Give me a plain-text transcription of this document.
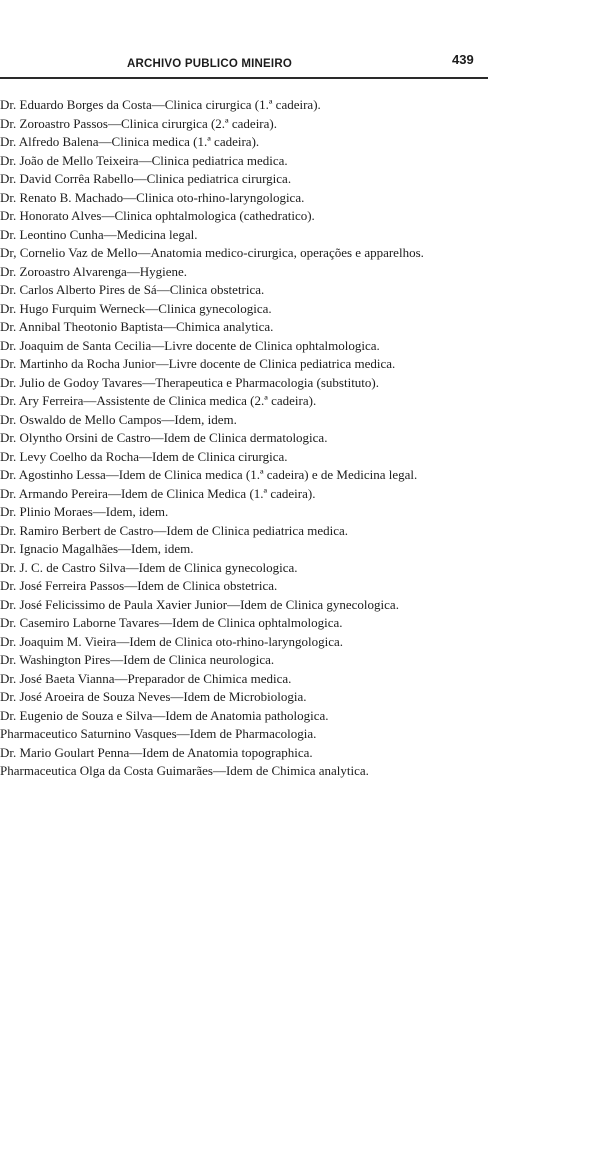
ARCHIVO PUBLICO MINEIRO	439
Dr. Eduardo Borges da Costa—Clinica cirurgica (1.ª cadeira).
Dr. Zoroastro Passos—Clinica cirurgica (2.ª cadeira).
Dr. Alfredo Balena—Clinica medica (1.ª cadeira).
Dr. João de Mello Teixeira—Clinica pediatrica medica.
Dr. David Corrêa Rabello—Clinica pediatrica cirurgica.
Dr. Renato B. Machado—Clinica oto-rhino-laryngologica.
Dr. Honorato Alves—Clinica ophtalmologica (cathedratico).
Dr. Leontino Cunha—Medicina legal.
Dr, Cornelio Vaz de Mello—Anatomia medico-cirurgica, operações e apparelhos.
Dr. Zoroastro Alvarenga—Hygiene.
Dr. Carlos Alberto Pires de Sá—Clinica obstetrica.
Dr. Hugo Furquim Werneck—Clinica gynecologica.
Dr. Annibal Theotonio Baptista—Chimica analytica.
Dr. Joaquim de Santa Cecilia—Livre docente de Clinica ophtalmologica.
Dr. Martinho da Rocha Junior—Livre docente de Clinica pediatrica medica.
Dr. Julio de Godoy Tavares—Therapeutica e Pharmacologia (substituto).
Dr. Ary Ferreira—Assistente de Clinica medica (2.ª cadeira).
Dr. Oswaldo de Mello Campos—Idem, idem.
Dr. Olyntho Orsini de Castro—Idem de Clinica dermatologica.
Dr. Levy Coelho da Rocha—Idem de Clinica cirurgica.
Dr. Agostinho Lessa—Idem de Clinica medica (1.ª cadeira) e de Medicina legal.
Dr. Armando Pereira—Idem de Clinica Medica (1.ª cadeira).
Dr. Plinio Moraes—Idem, idem.
Dr. Ramiro Berbert de Castro—Idem de Clinica pediatrica medica.
Dr. Ignacio Magalhães—Idem, idem.
Dr. J. C. de Castro Silva—Idem de Clinica gynecologica.
Dr. José Ferreira Passos—Idem de Clinica obstetrica.
Dr. José Felicissimo de Paula Xavier Junior—Idem de Clinica gynecologica.
Dr. Casemiro Laborne Tavares—Idem de Clinica ophtalmologica.
Dr. Joaquim M. Vieira—Idem de Clinica oto-rhino-laryngologica.
Dr. Washington Pires—Idem de Clinica neurologica.
Dr. José Baeta Vianna—Preparador de Chimica medica.
Dr. José Aroeira de Souza Neves—Idem de Microbiologia.
Dr. Eugenio de Souza e Silva—Idem de Anatomia pathologica.
Pharmaceutico Saturnino Vasques—Idem de Pharmacologia.
Dr. Mario Goulart Penna—Idem de Anatomia topographica.
Pharmaceutica Olga da Costa Guimarães—Idem de Chimica analytica.
